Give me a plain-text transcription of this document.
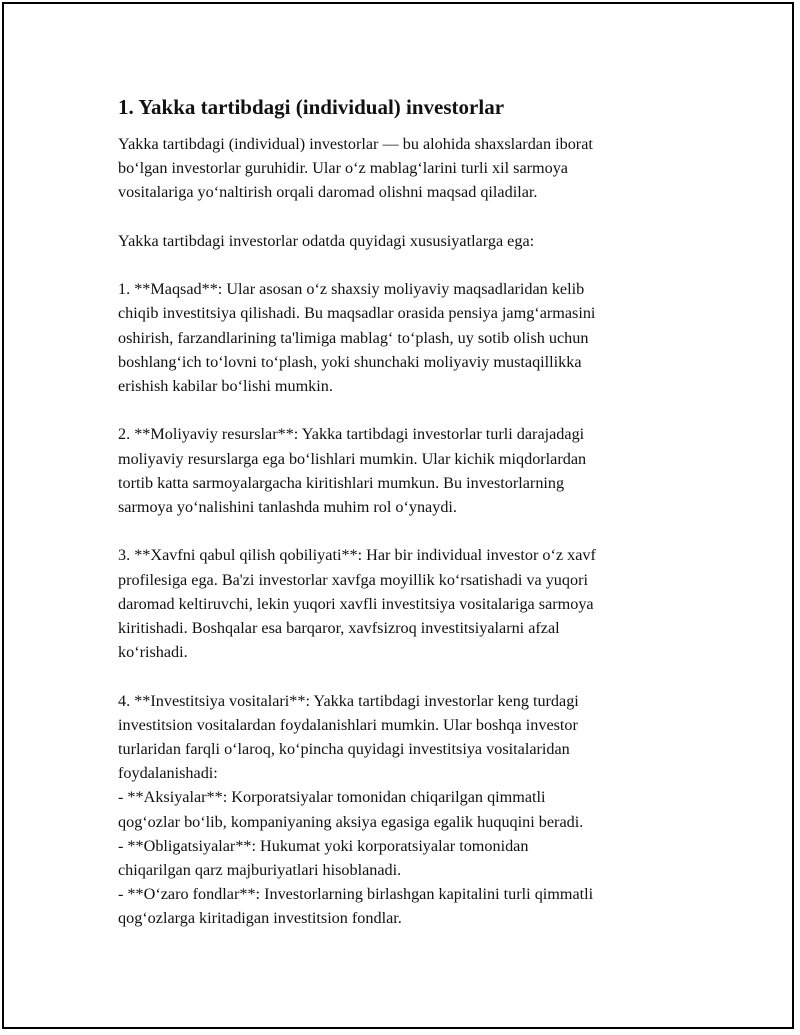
1. Yakka tartibdagi (individual) investorlar

Yakka tartibdagi (individual) investorlar — bu alohida shaxslardan iborat
bo‘lgan investorlar guruhidir. Ular o‘z mablag‘larini turli xil sarmoya
vositalariga yo‘naltirish orqali daromad olishni maqsad qiladilar.

Yakka tartibdagi investorlar odatda quyidagi xususiyatlarga ega:

1. **Maqsad**: Ular asosan o‘z shaxsiy moliyaviy maqsadlaridan kelib
chiqib investitsiya qilishadi. Bu maqsadlar orasida pensiya jamg‘armasini
oshirish, farzandlarining ta'limiga mablag‘ to‘plash, uy sotib olish uchun
boshlang‘ich to‘lovni to‘plash, yoki shunchaki moliyaviy mustaqillikka
erishish kabilar bo‘lishi mumkin.

2. **Moliyaviy resurslar**: Yakka tartibdagi investorlar turli darajadagi
moliyaviy resurslarga ega bo‘lishlari mumkin. Ular kichik miqdorlardan
tortib katta sarmoyalargacha kiritishlari mumkun. Bu investorlarning
sarmoya yo‘nalishini tanlashda muhim rol o‘ynaydi.

3. **Xavfni qabul qilish qobiliyati**: Har bir individual investor o‘z xavf
profilesiga ega. Ba'zi investorlar xavfga moyillik ko‘rsatishadi va yuqori
daromad keltiruvchi, lekin yuqori xavfli investitsiya vositalariga sarmoya
kiritishadi. Boshqalar esa barqaror, xavfsizroq investitsiyalarni afzal
ko‘rishadi.

4. **Investitsiya vositalari**: Yakka tartibdagi investorlar keng turdagi
investitsion vositalardan foydalanishlari mumkin. Ular boshqa investor
turlaridan farqli o‘laroq, ko‘pincha quyidagi investitsiya vositalaridan
foydalanishadi:
- **Aksiyalar**: Korporatsiyalar tomonidan chiqarilgan qimmatli
qog‘ozlar bo‘lib, kompaniyaning aksiya egasiga egalik huquqini beradi.
- **Obligatsiyalar**: Hukumat yoki korporatsiyalar tomonidan
chiqarilgan qarz majburiyatlari hisoblanadi.
- **O‘zaro fondlar**: Investorlarning birlashgan kapitalini turli qimmatli
qog‘ozlarga kiritadigan investitsion fondlar.
